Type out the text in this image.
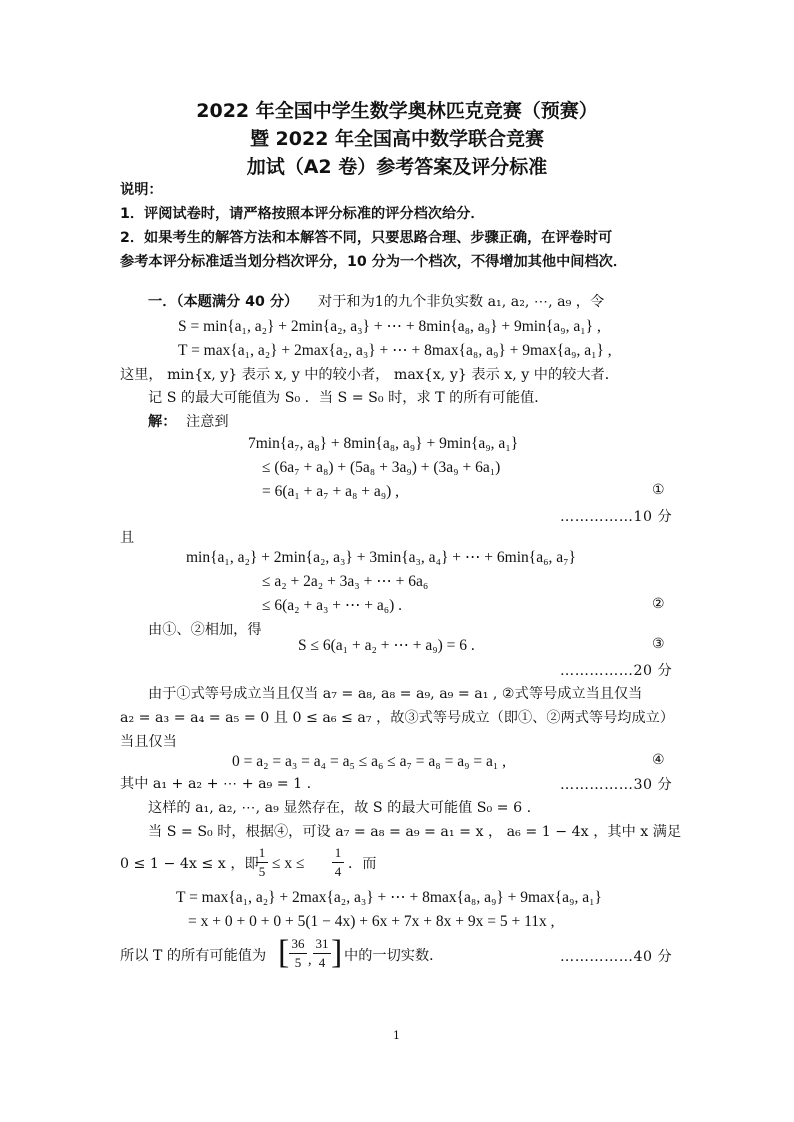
2022 年全国中学生数学奥林匹克竞赛（预赛）
暨 2022 年全国高中数学联合竞赛
加试（A2 卷）参考答案及评分标准
说明：
1．评阅试卷时，请严格按照本评分标准的评分档次给分．
2．如果考生的解答方法和本解答不同，只要思路合理、步骤正确，在评卷时可
参考本评分标准适当划分档次评分，10 分为一个档次，不得增加其他中间档次．
一．（本题满分 40 分） 对于和为1的九个非负实数 a₁, a₂, ⋯, a₉ ，令
S = min{a₁, a₂} + 2min{a₂, a₃} + ⋯ + 8min{a₈, a₉} + 9min{a₉, a₁} ,
T = max{a₁, a₂} + 2max{a₂, a₃} + ⋯ + 8max{a₈, a₉} + 9max{a₉, a₁} ,
这里， min{x, y} 表示 x, y 中的较小者， max{x, y} 表示 x, y 中的较大者．
记 S 的最大可能值为 S₀ ．当 S = S₀ 时，求 T 的所有可能值．
解： 注意到
7min{a₇, a₈} + 8min{a₈, a₉} + 9min{a₉, a₁}
≤ (6a₇ + a₈) + (5a₈ + 3a₉) + (3a₉ + 6a₁)
= 6(a₁ + a₇ + a₈ + a₉) ,	①
……………10 分
且
min{a₁, a₂} + 2min{a₂, a₃} + 3min{a₃, a₄} + ⋯ + 6min{a₆, a₇}
≤ a₂ + 2a₂ + 3a₃ + ⋯ + 6a₆
≤ 6(a₂ + a₃ + ⋯ + a₆) .	②
由①、②相加，得
S ≤ 6(a₁ + a₂ + ⋯ + a₉) = 6 .	③
……………20 分
由于①式等号成立当且仅当 a₇ = a₈, a₈ = a₉, a₉ = a₁ , ②式等号成立当且仅当
a₂ = a₃ = a₄ = a₅ = 0 且 0 ≤ a₆ ≤ a₇ ，故③式等号成立（即①、②两式等号均成立）
当且仅当
0 = a₂ = a₃ = a₄ = a₅ ≤ a₆ ≤ a₇ = a₈ = a₉ = a₁ ,	④
其中 a₁ + a₂ + ⋯ + a₉ = 1 .	……………30 分
这样的 a₁, a₂, ⋯, a₉ 显然存在，故 S 的最大可能值 S₀ = 6 .
当 S = S₀ 时，根据④，可设 a₇ = a₈ = a₉ = a₁ = x ， a₆ = 1 − 4x ，其中 x 满足
0 ≤ 1 − 4x ≤ x ，即
1
5 ≤ x ≤
1
4 ．而
T = max{a₁, a₂} + 2max{a₂, a₃} + ⋯ + 8max{a₈, a₉} + 9max{a₉, a₁}
= x + 0 + 0 + 0 + 5(1 − 4x) + 6x + 7x + 8x + 9x = 5 + 11x ,
所以 T 的所有可能值为 [ 36
5 ,
31
4 ] 中的一切实数．	……………40 分
1
